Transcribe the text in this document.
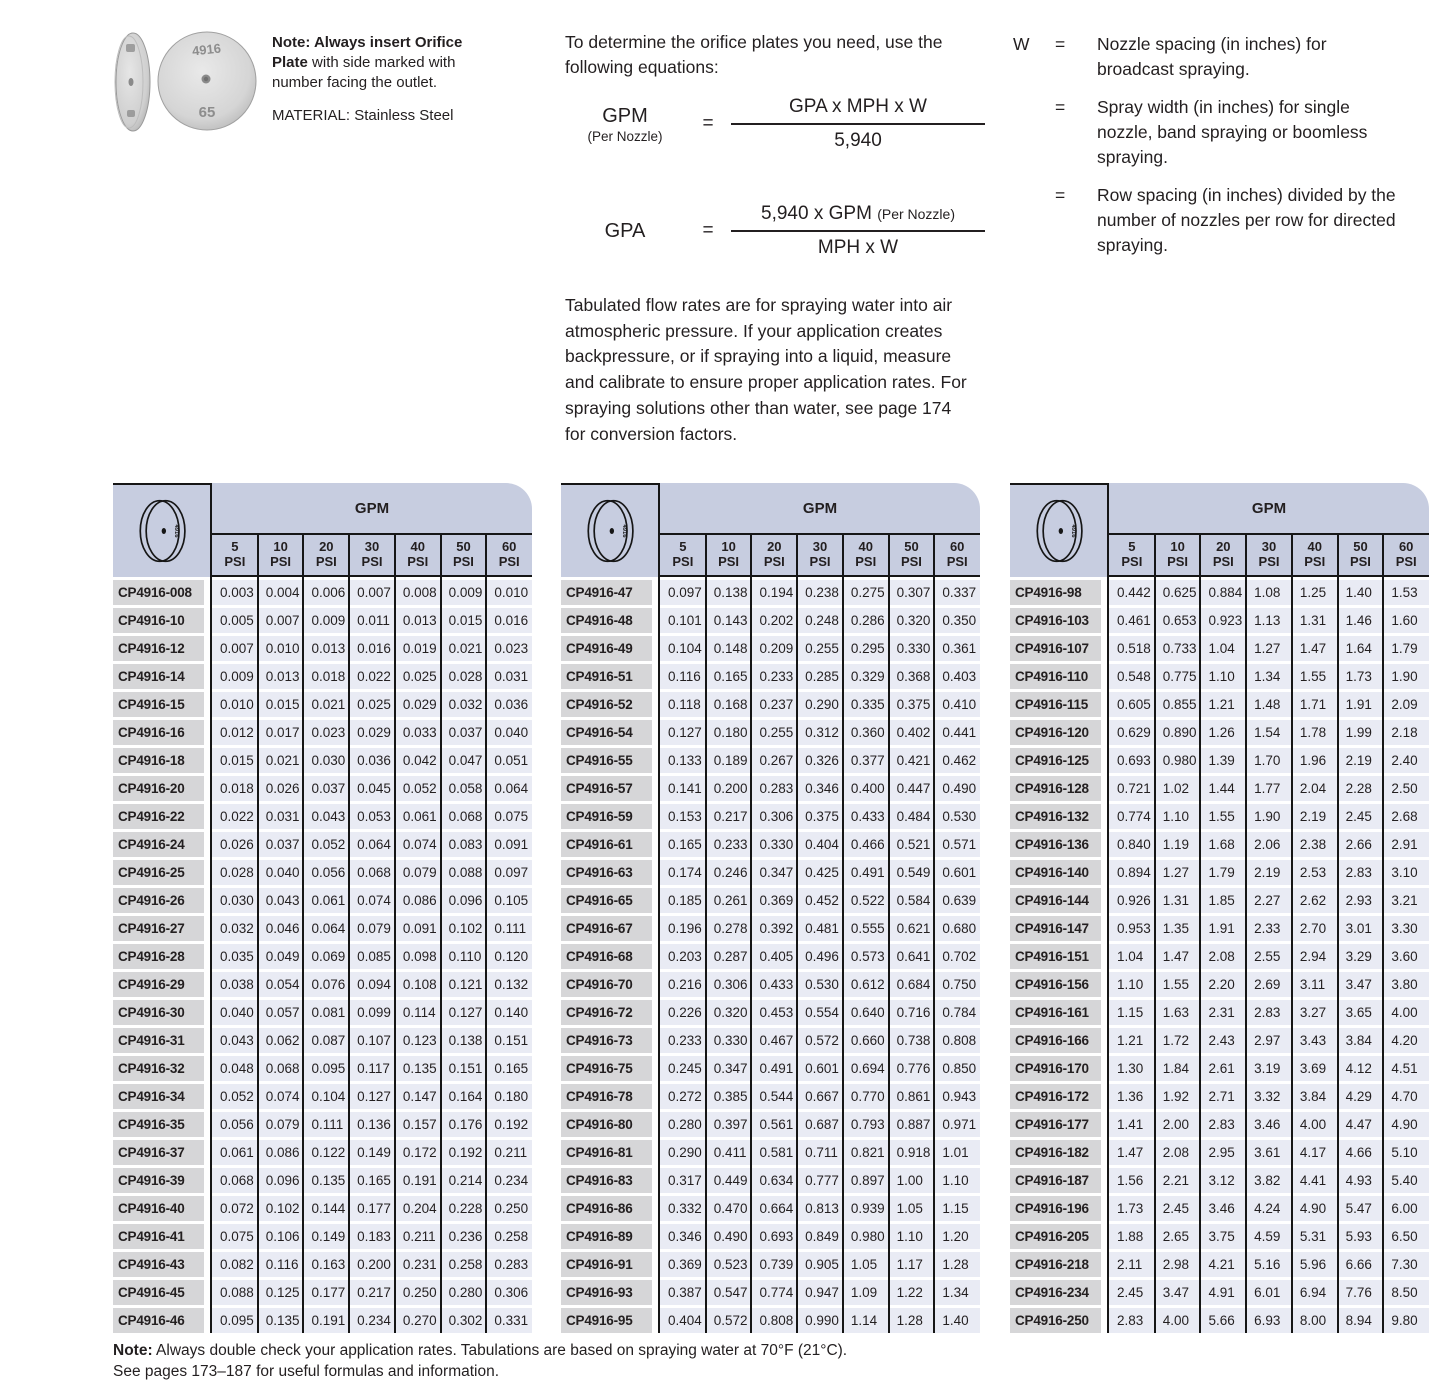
4916
65

Note: Always insert Orifice Plate with side marked with number facing the outlet.

MATERIAL: Stainless Steel

To determine the orifice plates you need, use the following equations:
GPM
(Per Nozzle)
= $\frac{\text{GPA x MPH x W}}{5,940}$
GPA	= $\frac{\text{5,940 x GPM (Per Nozzle)}}{\text{MPH x W}}$
Tabulated flow rates are for spraying water into air atmospheric pressure. If your application creates backpressure, or if spraying into a liquid, measure and calibrate to ensure proper application rates. For spraying solutions other than water, see page 174 for conversion factors.
W	=	Nozzle spacing (in inches) for broadcast spraying.
=	Spray width (in inches) for single nozzle, band spraying or boomless spraying.
=	Row spacing (in inches) divided by the number of nozzles per row for directed spraying.
4916
GPM
5
PSI
10
PSI
20
PSI
30
PSI
40
PSI
50
PSI
60
PSI
CP4916-008	0.003 0.004 0.006 0.007 0.008 0.009 0.010
CP4916-10	0.005 0.007 0.009 0.011 0.013 0.015 0.016
CP4916-12	0.007 0.010 0.013 0.016 0.019 0.021 0.023
CP4916-14	0.009 0.013 0.018 0.022 0.025 0.028 0.031
CP4916-15	0.010 0.015 0.021 0.025 0.029 0.032 0.036
CP4916-16	0.012 0.017 0.023 0.029 0.033 0.037 0.040
CP4916-18	0.015 0.021 0.030 0.036 0.042 0.047 0.051
CP4916-20	0.018 0.026 0.037 0.045 0.052 0.058 0.064
CP4916-22	0.022 0.031 0.043 0.053 0.061 0.068 0.075
CP4916-24	0.026 0.037 0.052 0.064 0.074 0.083 0.091
CP4916-25	0.028 0.040 0.056 0.068 0.079 0.088 0.097
CP4916-26	0.030 0.043 0.061 0.074 0.086 0.096 0.105
CP4916-27	0.032 0.046 0.064 0.079 0.091 0.102 0.111
CP4916-28	0.035 0.049 0.069 0.085 0.098 0.110 0.120
CP4916-29	0.038 0.054 0.076 0.094 0.108 0.121 0.132
CP4916-30	0.040 0.057 0.081 0.099 0.114 0.127 0.140
CP4916-31	0.043 0.062 0.087 0.107 0.123 0.138 0.151
CP4916-32	0.048 0.068 0.095 0.117 0.135 0.151 0.165
CP4916-34	0.052 0.074 0.104 0.127 0.147 0.164 0.180
CP4916-35	0.056 0.079 0.111	0.136 0.157 0.176 0.192
CP4916-37	0.061 0.086 0.122 0.149 0.172 0.192 0.211
CP4916-39	0.068 0.096 0.135 0.165 0.191 0.214 0.234
CP4916-40	0.072 0.102 0.144 0.177 0.204 0.228 0.250
CP4916-41	0.075 0.106 0.149 0.183 0.211 0.236 0.258
CP4916-43	0.082 0.116 0.163 0.200 0.231 0.258 0.283
CP4916-45	0.088 0.125 0.177 0.217 0.250 0.280 0.306
CP4916-46	0.095 0.135 0.191 0.234 0.270 0.302 0.331
4916
GPM
5
PSI
10
PSI
20
PSI
30
PSI
40
PSI
50
PSI
60
PSI
CP4916-47	0.097 0.138 0.194 0.238 0.275 0.307 0.337
CP4916-48	0.101 0.143 0.202 0.248 0.286 0.320 0.350
CP4916-49	0.104 0.148 0.209 0.255 0.295 0.330 0.361
CP4916-51	0.116 0.165 0.233 0.285 0.329 0.368 0.403
CP4916-52	0.118 0.168 0.237 0.290 0.335 0.375 0.410
CP4916-54	0.127 0.180 0.255 0.312 0.360 0.402 0.441
CP4916-55	0.133 0.189 0.267 0.326 0.377 0.421 0.462
CP4916-57	0.141 0.200 0.283 0.346 0.400 0.447 0.490
CP4916-59	0.153 0.217 0.306 0.375 0.433 0.484 0.530
CP4916-61	0.165 0.233 0.330 0.404 0.466 0.521 0.571
CP4916-63	0.174 0.246 0.347 0.425 0.491 0.549 0.601
CP4916-65	0.185 0.261 0.369 0.452 0.522 0.584 0.639
CP4916-67	0.196 0.278 0.392 0.481 0.555 0.621 0.680
CP4916-68	0.203 0.287 0.405 0.496 0.573 0.641 0.702
CP4916-70	0.216 0.306 0.433 0.530 0.612 0.684 0.750
CP4916-72	0.226 0.320 0.453 0.554 0.640 0.716 0.784
CP4916-73	0.233 0.330 0.467 0.572 0.660 0.738 0.808
CP4916-75	0.245 0.347 0.491 0.601 0.694 0.776 0.850
CP4916-78	0.272 0.385 0.544 0.667 0.770 0.861 0.943
CP4916-80	0.280 0.397 0.561 0.687 0.793 0.887 0.971
CP4916-81	0.290 0.411 0.581 0.711 0.821 0.918 1.01
CP4916-83	0.317 0.449 0.634 0.777 0.897 1.00	1.10
CP4916-86	0.332 0.470 0.664 0.813 0.939 1.05	1.15
CP4916-89	0.346 0.490 0.693 0.849 0.980 1.10	1.20
CP4916-91	0.369 0.523 0.739 0.905 1.05	1.17	1.28
CP4916-93	0.387 0.547 0.774 0.947 1.09	1.22	1.34
CP4916-95	0.404 0.572 0.808 0.990 1.14	1.28	1.40
4916
GPM
5
PSI
10
PSI
20
PSI
30
PSI
40
PSI
50
PSI
60
PSI
CP4916-98	0.442 0.625 0.884 1.08	1.25	1.40	1.53
CP4916-103	0.461 0.653 0.923 1.13	1.31	1.46	1.60
CP4916-107	0.518 0.733 1.04	1.27	1.47	1.64	1.79
CP4916-110	0.548 0.775 1.10	1.34	1.55	1.73	1.90
CP4916-115	0.605 0.855 1.21	1.48	1.71	1.91	2.09
CP4916-120	0.629 0.890 1.26	1.54	1.78	1.99	2.18
CP4916-125	0.693 0.980 1.39	1.70	1.96	2.19	2.40
CP4916-128	0.721 1.02	1.44	1.77	2.04	2.28	2.50
CP4916-132	0.774 1.10	1.55	1.90	2.19	2.45	2.68
CP4916-136	0.840 1.19	1.68	2.06	2.38	2.66	2.91
CP4916-140	0.894 1.27	1.79	2.19	2.53	2.83	3.10
CP4916-144	0.926 1.31	1.85	2.27	2.62	2.93	3.21
CP4916-147	0.953 1.35	1.91	2.33	2.70	3.01	3.30
CP4916-151	1.04	1.47	2.08	2.55	2.94	3.29	3.60
CP4916-156	1.10	1.55	2.20	2.69	3.11	3.47	3.80
CP4916-161	1.15	1.63	2.31	2.83	3.27	3.65	4.00
CP4916-166	1.21	1.72	2.43	2.97	3.43	3.84	4.20
CP4916-170	1.30	1.84	2.61	3.19	3.69	4.12	4.51
CP4916-172	1.36	1.92	2.71	3.32	3.84	4.29	4.70
CP4916-177	1.41	2.00	2.83	3.46	4.00	4.47	4.90
CP4916-182	1.47	2.08	2.95	3.61	4.17	4.66	5.10
CP4916-187	1.56	2.21	3.12	3.82	4.41	4.93	5.40
CP4916-196	1.73	2.45	3.46	4.24	4.90	5.47	6.00
CP4916-205	1.88	2.65	3.75	4.59	5.31	5.93	6.50
CP4916-218	2.11	2.98	4.21	5.16	5.96	6.66	7.30
CP4916-234	2.45	3.47	4.91	6.01	6.94	7.76	8.50
CP4916-250	2.83	4.00	5.66	6.93	8.00	8.94	9.80

Note: Always double check your application rates. Tabulations are based on spraying water at 70°F (21°C).

See pages 173–187 for useful formulas and information.
